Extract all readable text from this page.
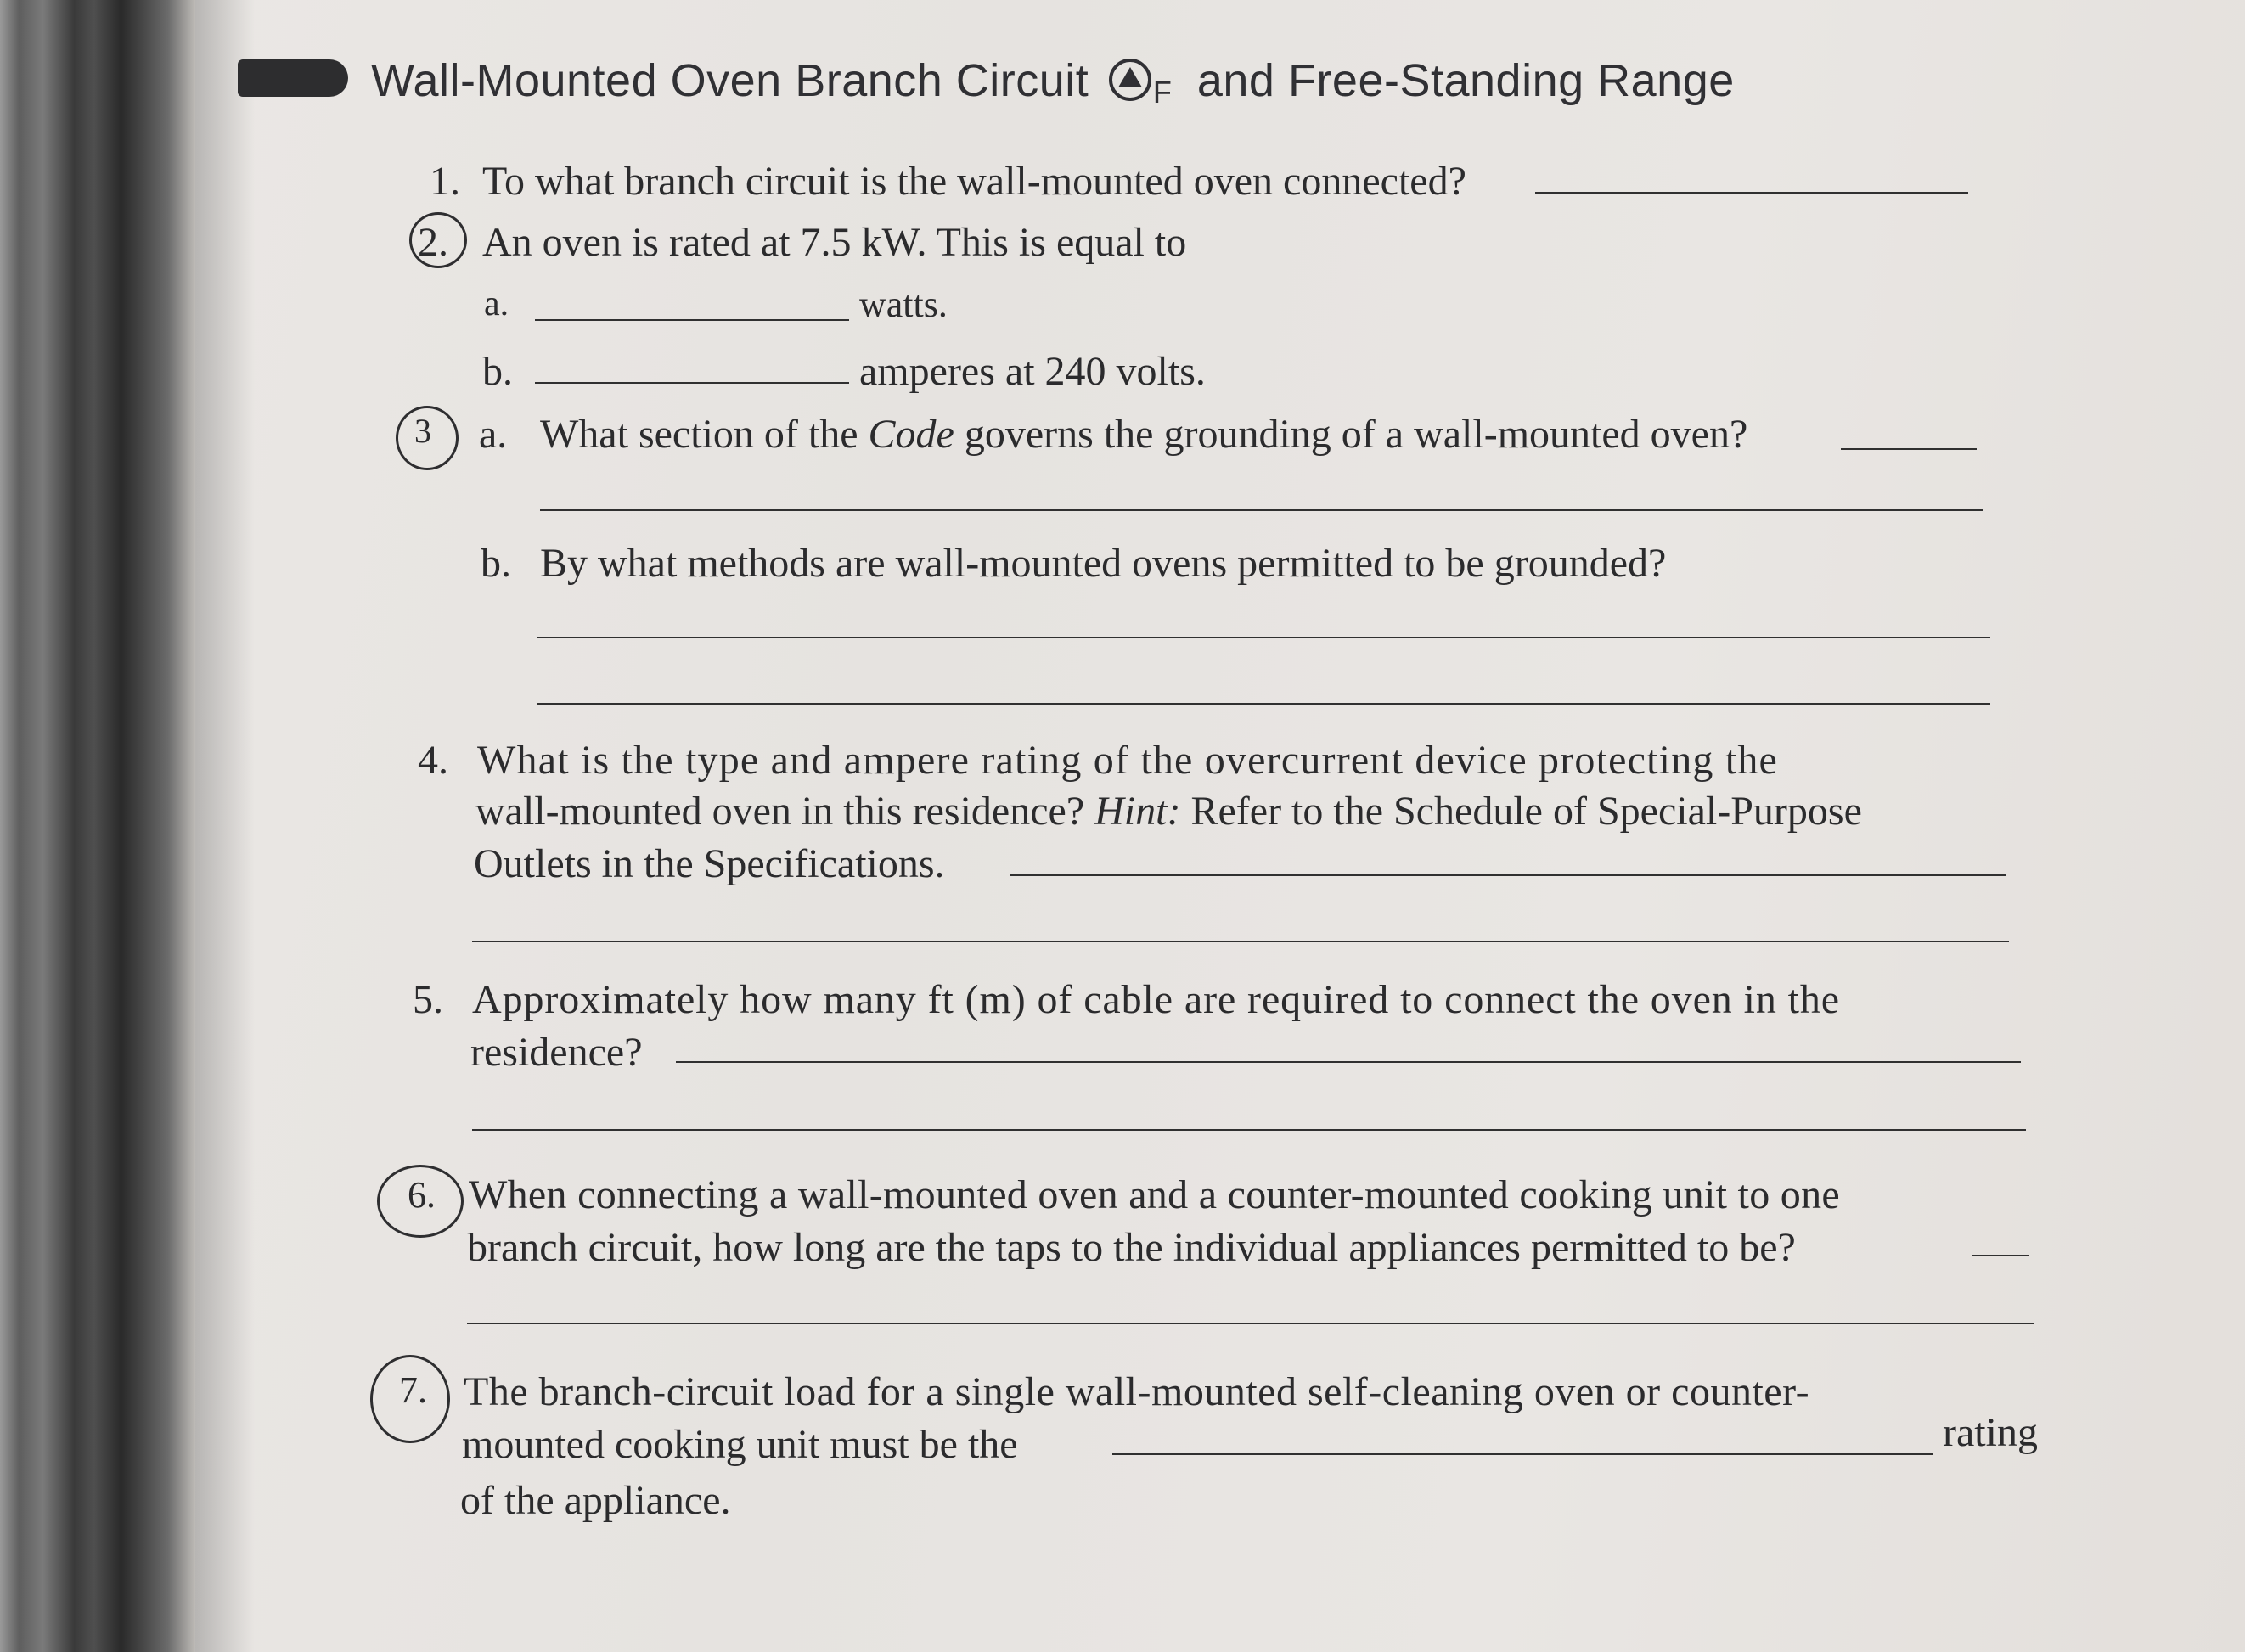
Wall-Mounted Oven Branch Circuit $_F$ and Free-Standing Range
1. To what branch circuit is the wall-mounted oven connected?

2. An oven is rated at 7.5 kW. This is equal to

a.	watts.

b.	amperes at 240 volts.

3 a. What section of the Code governs the grounding of a wall-mounted oven?

b. By what methods are wall-mounted ovens permitted to be grounded?

4. What is the type and ampere rating of the overcurrent device protecting the

wall-mounted oven in this residence? Hint: Refer to the Schedule of Special-Purpose

Outlets in the Specifications.

5. Approximately how many ft (m) of cable are required to connect the oven in the

residence?

6. When connecting a wall-mounted oven and a counter-mounted cooking unit to one

branch circuit, how long are the taps to the individual appliances permitted to be?

7. The branch-circuit load for a single wall-mounted self-cleaning oven or counter-

mounted cooking unit must be the	rating

of the appliance.
